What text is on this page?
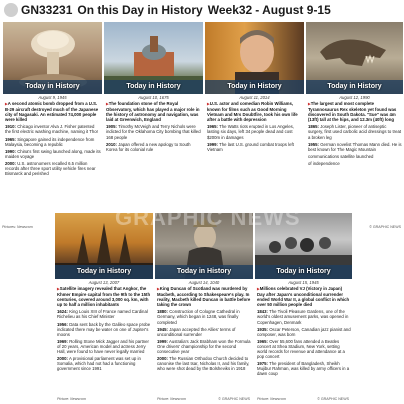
GN33231 On this Day in History Week32 - August 9-15
Today in History
August 9, 1945
▶ A second atomic bomb dropped from a U.S. B-29 aircraft destroyed much of the Japanese city of Nagasaki. An estimated 74,000 people were killed
1910: Chicago inventor Alva J. Fisher patented the first electric washing machine, naming it Thor
1965: Singapore gained its independence from Malaysia, becoming a republic
1990: China's first swing launched along, made its maiden voyage
2000: U.S. astronomers recalled 6.5 million records after three sport utility vehicle fires near Bismarck and perished
Today in History
August 10, 1675
▶ The foundation stone of the Royal Observatory, which has played a major role in the history of astronomy and navigation, was laid at Greenwich, England
1905: Timothy McVeigh and Terry Nichols were indicted for the Oklahoma City bombing that killed 168 people
2010: Japan offered a new apology to South Korea for its colonial rule
Today in History
August 11, 2014
▶ U.S. actor and comedian Robin Williams, known for films such as Good Morning Vietnam and Mrs Doubtfire, took his own life after a battle with depression
1965: The Watts riots erupted in Los Angeles, lasting six days, left 34 people dead and cost $200m in damages
1999: The last U.S. ground combat troops left Vietnam
Today in History
August 12, 1990
▶ The largest and most complete Tyrannosaurus Rex skeleton yet found was discovered in South Dakota. "Sue" was 4m (13ft) tall at the hips, and 12.3m (40ft) long
1865: Joseph Lister, pioneer of antiseptic surgery, first used carbolic acid dressings to treat a broken leg
1955: German novelist Thomas Mann died. He is best known for The Magic Mountain
communications satellite launched
of independence
Pictures: Newscom	© GRAPHIC NEWS
Today in History
August 13, 2007
▶ Satellite imagery revealed that Angkor, the Khmer Empire capital from the 9th to the 15th centuries, covered around 3,000 sq. km, with up to half a million inhabitants
1624: King Louis XIII of France named Cardinal Richelieu as his Chief Minister
1956: Data sent back by the Galileo space probe indicated there may be water on one of Jupiter's moons
1969: Rolling Stone Mick Jagger and his partner of 20 years, American model and actress Jerry Hall, were found to have never legally married
2000: A provisional parliament was set up in Somalia, which had not had a functioning government since 1991
Picture: Newscom
Today in History
August 14, 1040
▶ King Duncan of Scotland was murdered by Macbeth, according to Shakespeare's play. In reality, Macbeth killed Duncan in battle before taking the crown
1880: Construction of Cologne Cathedral in Germany, which began in 1248, was finally completed
1945: Japan accepted the Allies' terms of unconditional surrender
1999: Australia's Jack Brabham won the Formula One drivers' championship for the second consecutive year
2000: The Russian Orthodox Church decided to canonise the last tsar, Nicholas II, and his family, who were shot dead by the Bolsheviks in 1918
Picture: Newscom	© GRAPHIC NEWS
Today in History
August 15, 1945
▶ Millions celebrated VJ (Victory in Japan) Day after Japan's unconditional surrender ended World War II, a global conflict in which over 50 million people died
1843: The Tivoli Pleasure Gardens, one of the world's oldest amusement parks, was opened in Copenhagen, Denmark
1935: Oscar Peterson, Canadian jazz pianist and composer, was born
1965: Over 55,600 fans attended a Beatles concert at Shea Stadium, New York, setting world records for revenue and attendance at a pop concert
1975: The president of Bangladesh, Sheikh Mujibur Rahman, was killed by army officers in a dawn coup
Picture: Newscom	© GRAPHIC NEWS
GRAPHIC NEWS
